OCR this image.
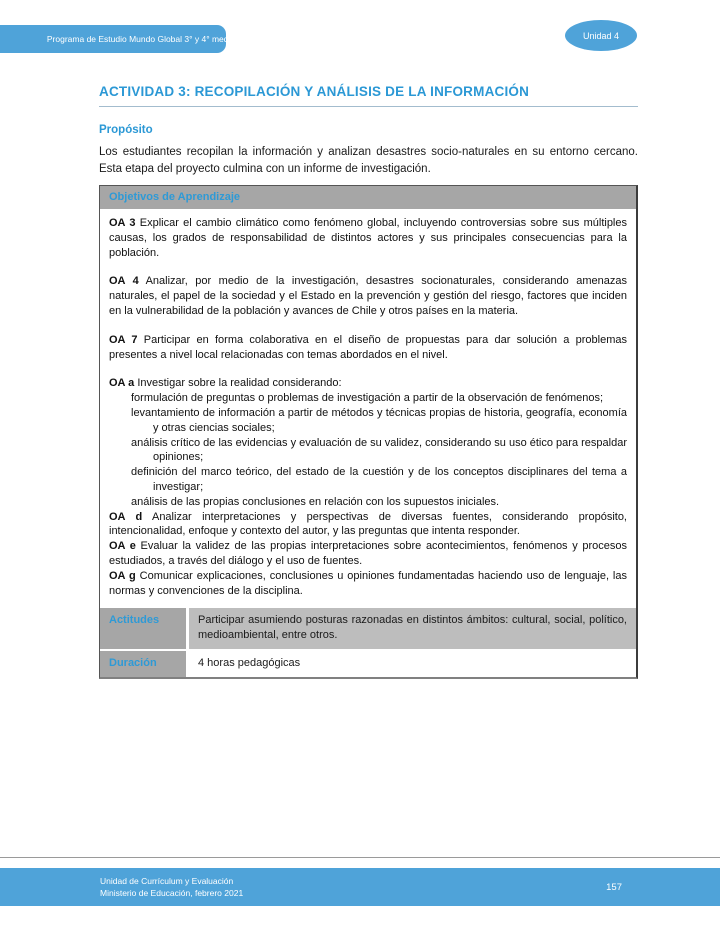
Programa de Estudio Mundo Global 3° y 4° medio	Unidad 4
ACTIVIDAD 3: RECOPILACIÓN Y ANÁLISIS DE LA INFORMACIÓN
Propósito

Los estudiantes recopilan la información y analizan desastres socio-naturales en su entorno cercano. Esta etapa del proyecto culmina con un informe de investigación.

Objetivos de Aprendizaje

OA 3 Explicar el cambio climático como fenómeno global, incluyendo controversias sobre sus múltiples causas, los grados de responsabilidad de distintos actores y sus principales consecuencias para la población.

OA 4 Analizar, por medio de la investigación, desastres socionaturales, considerando amenazas naturales, el papel de la sociedad y el Estado en la prevención y gestión del riesgo, factores que inciden en la vulnerabilidad de la población y avances de Chile y otros países en la materia.

OA 7 Participar en forma colaborativa en el diseño de propuestas para dar solución a problemas presentes a nivel local relacionadas con temas abordados en el nivel.

OA a Investigar sobre la realidad considerando:

formulación de preguntas o problemas de investigación a partir de la observación de fenómenos;

levantamiento de información a partir de métodos y técnicas propias de historia, geografía, economía y otras ciencias sociales;

análisis crítico de las evidencias y evaluación de su validez, considerando su uso ético para respaldar opiniones;

definición del marco teórico, del estado de la cuestión y de los conceptos disciplinares del tema a investigar;

análisis de las propias conclusiones en relación con los supuestos iniciales.

OA d Analizar interpretaciones y perspectivas de diversas fuentes, considerando propósito, intencionalidad, enfoque y contexto del autor, y las preguntas que intenta responder.

OA e Evaluar la validez de las propias interpretaciones sobre acontecimientos, fenómenos y procesos estudiados, a través del diálogo y el uso de fuentes.

OA g Comunicar explicaciones, conclusiones u opiniones fundamentadas haciendo uso de lenguaje, las normas y convenciones de la disciplina.

Actitudes	Participar asumiendo posturas razonadas en distintos ámbitos: cultural, social, político, medioambiental, entre otros.
Duración	4 horas pedagógicas
Unidad de Currículum y Evaluación
Ministerio de Educación, febrero 2021
157
